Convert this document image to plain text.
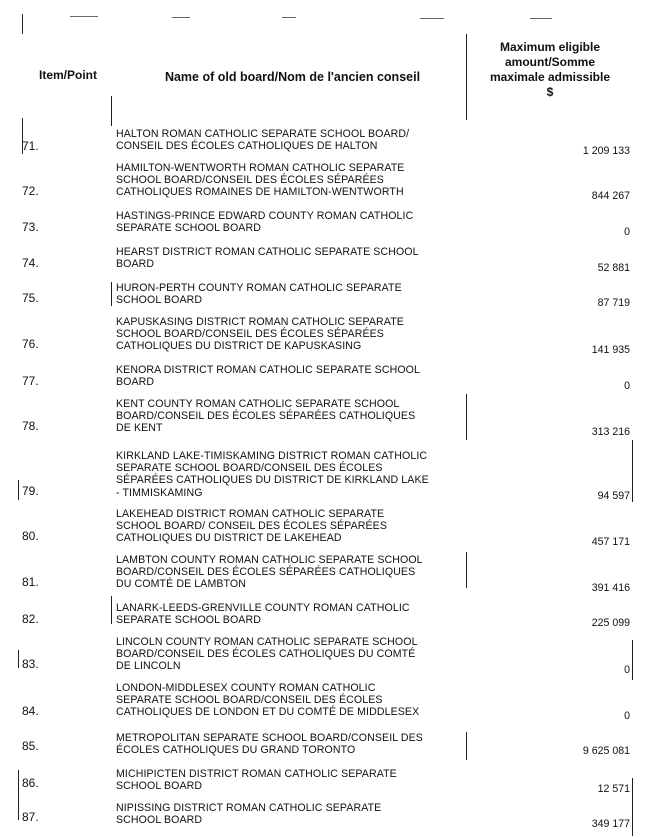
Item/Point	Name of old board/Nom de l'ancien conseil
Maximum eligible
amount/Somme
maximale admissible
$
71.
HALTON ROMAN CATHOLIC SEPARATE SCHOOL BOARD/
CONSEIL DES ÉCOLES CATHOLIQUES DE HALTON	1 209 133
72.
HAMILTON-WENTWORTH ROMAN CATHOLIC SEPARATE
SCHOOL BOARD/CONSEIL DES ÉCOLES SÉPARÉES
CATHOLIQUES ROMAINES DE HAMILTON-WENTWORTH	844 267
73.
HASTINGS-PRINCE EDWARD COUNTY ROMAN CATHOLIC
SEPARATE SCHOOL BOARD	0
74.
HEARST DISTRICT ROMAN CATHOLIC SEPARATE SCHOOL
BOARD	52 881
75.
HURON-PERTH COUNTY ROMAN CATHOLIC SEPARATE
SCHOOL BOARD	87 719
76.
KAPUSKASING DISTRICT ROMAN CATHOLIC SEPARATE
SCHOOL BOARD/CONSEIL DES ÉCOLES SÉPARÉES
CATHOLIQUES DU DISTRICT DE KAPUSKASING	141 935
77.
KENORA DISTRICT ROMAN CATHOLIC SEPARATE SCHOOL
BOARD	0
78.
KENT COUNTY ROMAN CATHOLIC SEPARATE SCHOOL
BOARD/CONSEIL DES ÉCOLES SÉPARÉES CATHOLIQUES
DE KENT	313 216
79.
KIRKLAND LAKE-TIMISKAMING DISTRICT ROMAN CATHOLIC
SEPARATE SCHOOL BOARD/CONSEIL DES ÉCOLES
SÉPARÉES CATHOLIQUES DU DISTRICT DE KIRKLAND LAKE
- TIMMISKAMING	94 597
80.
LAKEHEAD DISTRICT ROMAN CATHOLIC SEPARATE
SCHOOL BOARD/ CONSEIL DES ÉCOLES SÉPARÉES
CATHOLIQUES DU DISTRICT DE LAKEHEAD	457 171
81.
LAMBTON COUNTY ROMAN CATHOLIC SEPARATE SCHOOL
BOARD/CONSEIL DES ÉCOLES SÉPARÉES CATHOLIQUES
DU COMTÉ DE LAMBTON	391 416
82.
LANARK-LEEDS-GRENVILLE COUNTY ROMAN CATHOLIC
SEPARATE SCHOOL BOARD	225 099
83.
LINCOLN COUNTY ROMAN CATHOLIC SEPARATE SCHOOL
BOARD/CONSEIL DES ÉCOLES CATHOLIQUES DU COMTÉ
DE LINCOLN	0
84.
LONDON-MIDDLESEX COUNTY ROMAN CATHOLIC
SEPARATE SCHOOL BOARD/CONSEIL DES ÉCOLES
CATHOLIQUES DE LONDON ET DU COMTÉ DE MIDDLESEX	0
85.
METROPOLITAN SEPARATE SCHOOL BOARD/CONSEIL DES
ÉCOLES CATHOLIQUES DU GRAND TORONTO	9 625 081
86.
MICHIPICTEN DISTRICT ROMAN CATHOLIC SEPARATE
SCHOOL BOARD	12 571
87.
NIPISSING DISTRICT ROMAN CATHOLIC SEPARATE
SCHOOL BOARD	349 177
